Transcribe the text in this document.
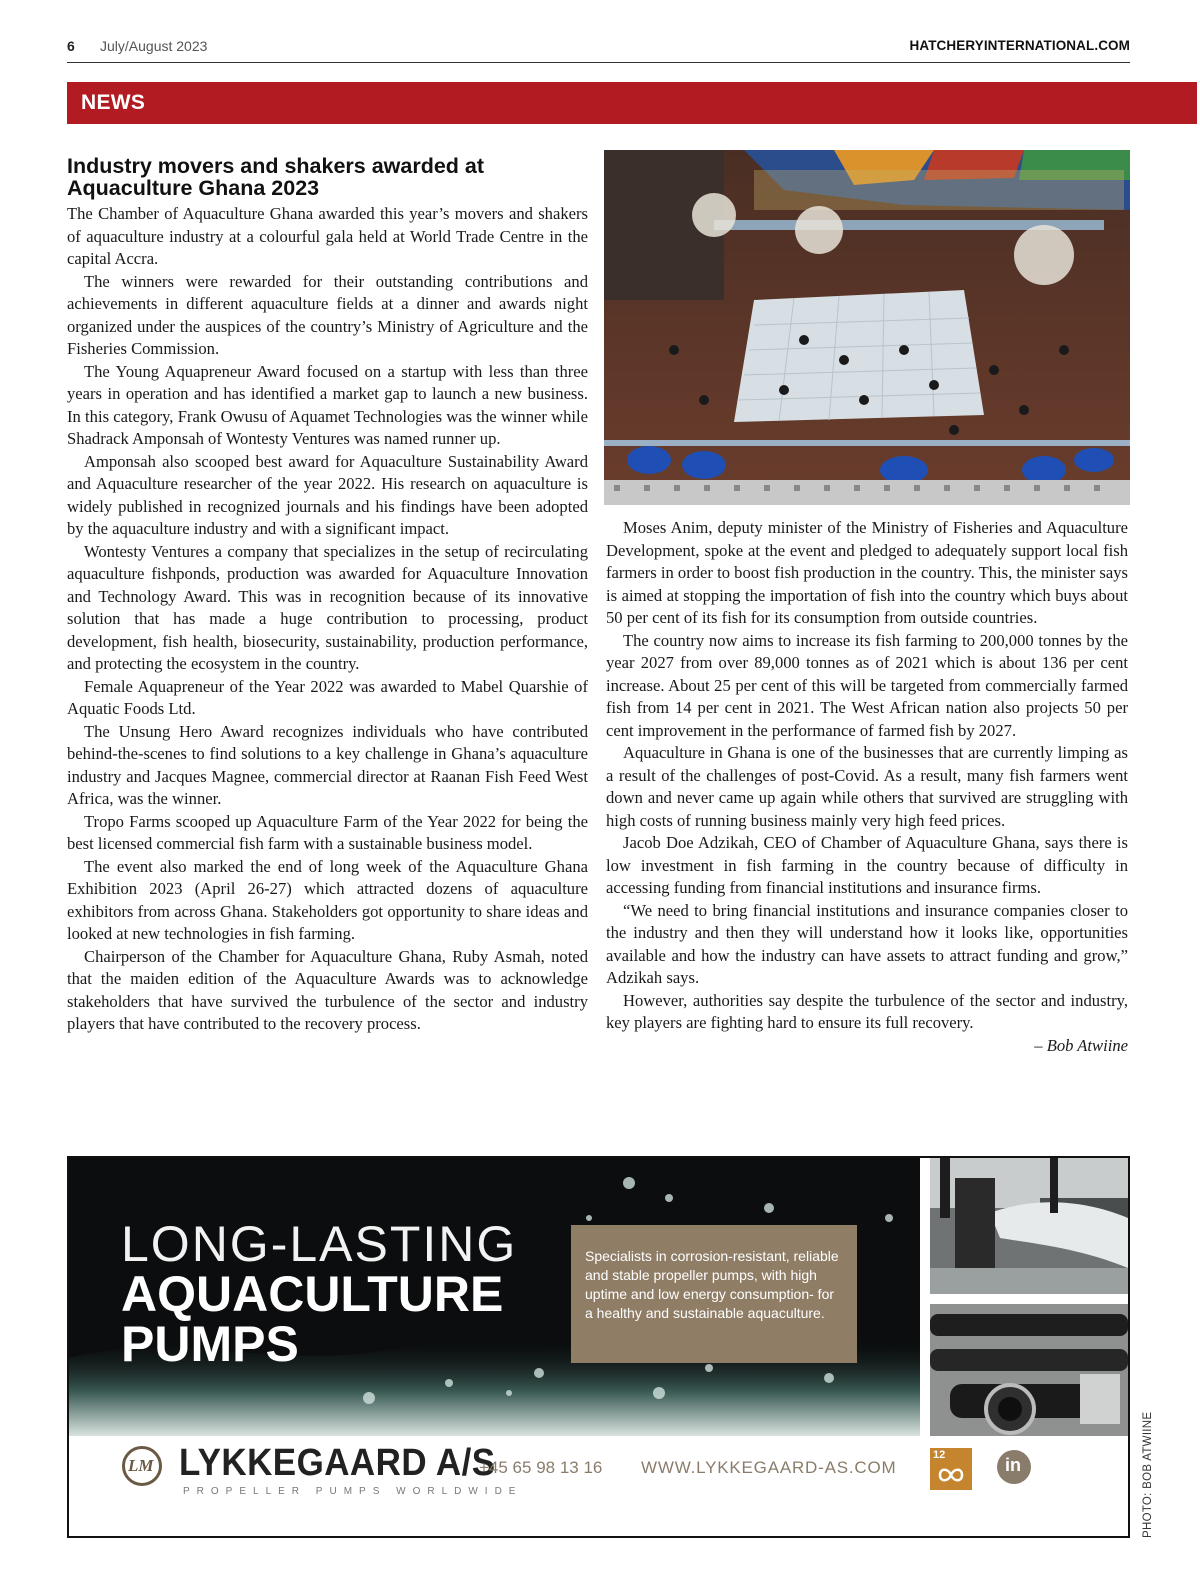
6 July/August 2023	HATCHERYINTERNATIONAL.COM
NEWS
Industry movers and shakers awarded at
Aquaculture Ghana 2023

The Chamber of Aquaculture Ghana awarded this year’s movers and shakers of aquaculture industry at a colourful gala held at World Trade Centre in the capital Accra.

The winners were rewarded for their outstanding contributions and achievements in different aquaculture fields at a dinner and awards night organized under the auspices of the country’s Ministry of Agriculture and the Fisheries Commission.

The Young Aquapreneur Award focused on a startup with less than three years in operation and has identified a market gap to launch a new business. In this category, Frank Owusu of Aquamet Technologies was the winner while Shadrack Amponsah of Wontesty Ventures was named runner up.

Amponsah also scooped best award for Aquaculture Sustainability Award and Aquaculture researcher of the year 2022. His research on aquaculture is widely published in recognized journals and his findings have been adopted by the aquaculture industry and with a significant impact.

Wontesty Ventures a company that specializes in the setup of recirculating aquaculture fishponds, production was awarded for Aquaculture Innovation and Technology Award. This was in recognition because of its innovative solution that has made a huge contribution to processing, product development, fish health, biosecurity, sustainability, production performance, and protecting the ecosystem in the country.

Female Aquapreneur of the Year 2022 was awarded to Mabel Quarshie of Aquatic Foods Ltd.

The Unsung Hero Award recognizes individuals who have contributed behind-the-scenes to find solutions to a key challenge in Ghana’s aquaculture industry and Jacques Magnee, commercial director at Raanan Fish Feed West Africa, was the winner.

Tropo Farms scooped up Aquaculture Farm of the Year 2022 for being the best licensed commercial fish farm with a sustainable business model.

The event also marked the end of long week of the Aquaculture Ghana Exhibition 2023 (April 26-27) which attracted dozens of aquaculture exhibitors from across Ghana. Stakeholders got opportunity to share ideas and looked at new technologies in fish farming.

Chairperson of the Chamber for Aquaculture Ghana, Ruby Asmah, noted that the maiden edition of the Aquaculture Awards was to acknowledge stakeholders that have survived the turbulence of the sector and industry players that have contributed to the recovery process.

Moses Anim, deputy minister of the Ministry of Fisheries and Aquaculture Development, spoke at the event and pledged to adequately support local fish farmers in order to boost fish production in the country. This, the minister says is aimed at stopping the importation of fish into the country which buys about 50 per cent of its fish for its consumption from outside countries.

The country now aims to increase its fish farming to 200,000 tonnes by the year 2027 from over 89,000 tonnes as of 2021 which is about 136 per cent increase. About 25 per cent of this will be targeted from commercially farmed fish from 14 per cent in 2021. The West African nation also projects 50 per cent improvement in the performance of farmed fish by 2027.

Aquaculture in Ghana is one of the businesses that are currently limping as a result of the challenges of post-Covid. As a result, many fish farmers went down and never came up again while others that survived are struggling with high costs of running business mainly very high feed prices.

Jacob Doe Adzikah, CEO of Chamber of Aquaculture Ghana, says there is low investment in fish farming in the country because of difficulty in accessing funding from financial institutions and insurance firms.

“We need to bring financial institutions and insurance companies closer to the industry and then they will understand how it looks like, opportunities available and how the industry can have assets to attract funding and grow,” Adzikah says.

However, authorities say despite the turbulence of the sector and industry, key players are fighting hard to ensure its full recovery.

– Bob Atwiine

LONG-LASTING
AQUACULTURE
PUMPS
Specialists in corrosion-resistant, reliable and stable propeller pumps, with high uptime and low energy consumption- for a healthy and sustainable aquaculture.
LM LYKKEGAARD A/S
PROPELLER PUMPS WORLDWIDE
+45 65 98 13 16 WWW.LYKKEGAARD-AS.COM
12	in	PHOTO: BOB ATWIINE
